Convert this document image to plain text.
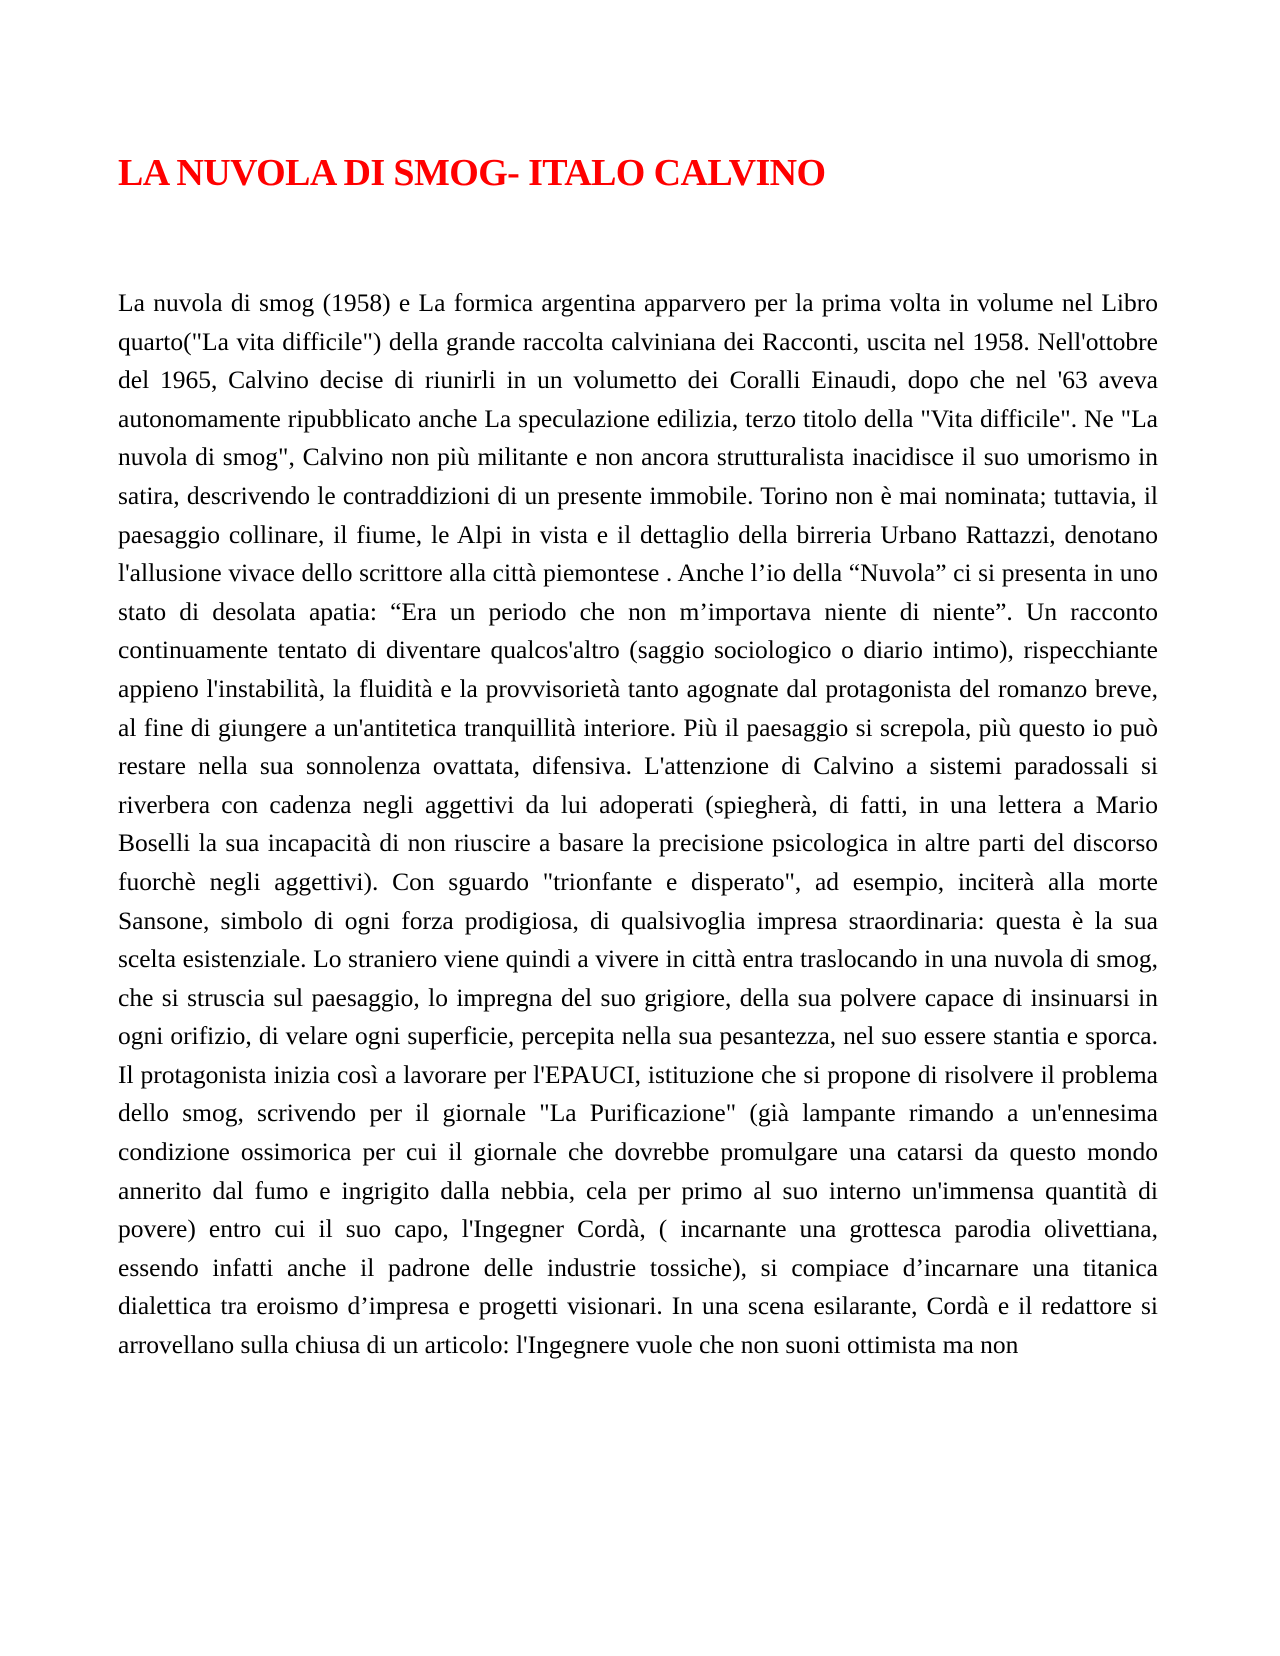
LA NUVOLA DI SMOG- ITALO CALVINO

La nuvola di smog (1958) e La formica argentina apparvero per la prima volta in volume nel Libro quarto("La vita difficile") della grande raccolta calviniana dei Racconti, uscita nel 1958. Nell'ottobre del 1965, Calvino decise di riunirli in un volumetto dei Coralli Einaudi, dopo che nel '63 aveva autonomamente ripubblicato anche La speculazione edilizia, terzo titolo della "Vita difficile". Ne "La nuvola di smog", Calvino non più militante e non ancora strutturalista inacidisce il suo umorismo in satira, descrivendo le contraddizioni di un presente immobile. Torino non è mai nominata; tuttavia, il paesaggio collinare, il fiume, le Alpi in vista e il dettaglio della birreria Urbano Rattazzi, denotano l'allusione vivace dello scrittore alla città piemontese . Anche l’io della “Nuvola” ci si presenta in uno stato di desolata apatia: “Era un periodo che non m’importava niente di niente”. Un racconto continuamente tentato di diventare qualcos'altro (saggio sociologico o diario intimo), rispecchiante appieno l'instabilità, la fluidità e la provvisorietà tanto agognate dal protagonista del romanzo breve, al fine di giungere a un'antitetica tranquillità interiore. Più il paesaggio si screpola, più questo io può restare nella sua sonnolenza ovattata, difensiva. L'attenzione di Calvino a sistemi paradossali si riverbera con cadenza negli aggettivi da lui adoperati (spiegherà, di fatti, in una lettera a Mario Boselli la sua incapacità di non riuscire a basare la precisione psicologica in altre parti del discorso fuorchè negli aggettivi). Con sguardo "trionfante e disperato", ad esempio, inciterà alla morte Sansone, simbolo di ogni forza prodigiosa, di qualsivoglia impresa straordinaria: questa è la sua scelta esistenziale. Lo straniero viene quindi a vivere in città entra traslocando in una nuvola di smog, che si struscia sul paesaggio, lo impregna del suo grigiore, della sua polvere capace di insinuarsi in ogni orifizio, di velare ogni superficie, percepita nella sua pesantezza, nel suo essere stantia e sporca. Il protagonista inizia così a lavorare per l'EPAUCI, istituzione che si propone di risolvere il problema dello smog, scrivendo per il giornale "La Purificazione" (già lampante rimando a un'ennesima condizione ossimorica per cui il giornale che dovrebbe promulgare una catarsi da questo mondo annerito dal fumo e ingrigito dalla nebbia, cela per primo al suo interno un'immensa quantità di povere) entro cui il suo capo, l'Ingegner Cordà, ( incarnante una grottesca parodia olivettiana, essendo infatti anche il padrone delle industrie tossiche), si compiace d’incarnare una titanica dialettica tra eroismo d’impresa e progetti visionari. In una scena esilarante, Cordà e il redattore si arrovellano sulla chiusa di un articolo: l'Ingegnere vuole che non suoni ottimista ma non
